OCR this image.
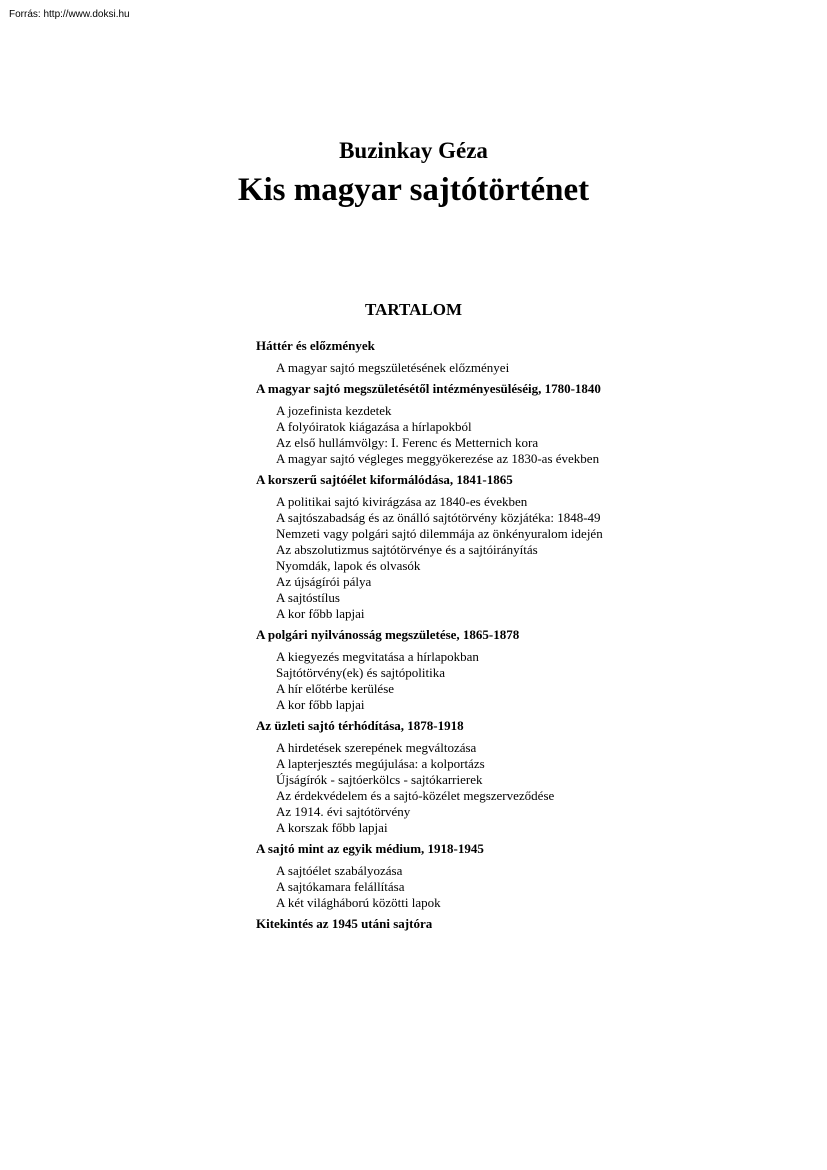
Forrás: http://www.doksi.hu
Buzinkay Géza
Kis magyar sajtótörténet
TARTALOM
Háttér és előzmények
A magyar sajtó megszületésének előzményei
A magyar sajtó megszületésétől intézményesüléséig, 1780-1840
A jozefinista kezdetek
A folyóiratok kiágazása a hírlapokból
Az első hullámvölgy: I. Ferenc és Metternich kora
A magyar sajtó végleges meggyökerezése az 1830-as években
A korszerű sajtóélet kiformálódása, 1841-1865
A politikai sajtó kivirágzása az 1840-es években
A sajtószabadság és az önálló sajtótörvény közjátéka: 1848-49
Nemzeti vagy polgári sajtó dilemmája az önkényuralom idején
Az abszolutizmus sajtótörvénye és a sajtóirányítás
Nyomdák, lapok és olvasók
Az újságírói pálya
A sajtóstílus
A kor főbb lapjai
A polgári nyilvánosság megszületése, 1865-1878
A kiegyezés megvitatása a hírlapokban
Sajtótörvény(ek) és sajtópolitika
A hír előtérbe kerülése
A kor főbb lapjai
Az üzleti sajtó térhódítása, 1878-1918
A hirdetések szerepének megváltozása
A lapterjesztés megújulása: a kolportázs
Újságírók - sajtóerkölcs - sajtókarrierek
Az érdekvédelem és a sajtó-közélet megszerveződése
Az 1914. évi sajtótörvény
A korszak főbb lapjai
A sajtó mint az egyik médium, 1918-1945
A sajtóélet szabályozása
A sajtókamara felállítása
A két világháború közötti lapok
Kitekintés az 1945 utáni sajtóra
